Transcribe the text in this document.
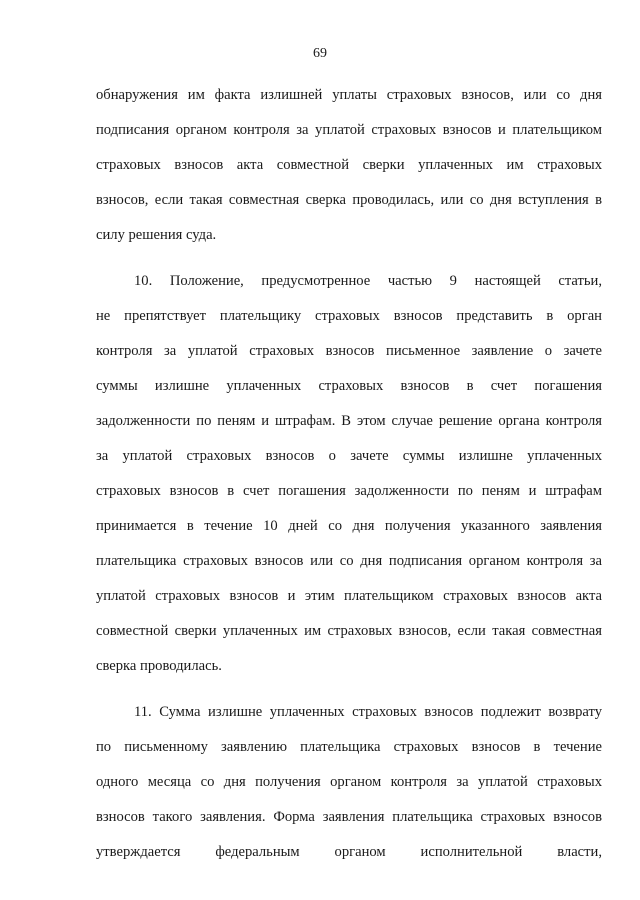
69
обнаружения им факта излишней уплаты страховых взносов, или со дня
подписания органом контроля за уплатой страховых взносов и плательщиком
страховых взносов акта совместной сверки уплаченных им страховых
взносов, если такая совместная сверка проводилась, или со дня вступления в
силу решения суда.
10. Положение, предусмотренное частью 9 настоящей статьи,
не препятствует плательщику страховых взносов представить в орган
контроля за уплатой страховых взносов письменное заявление о зачете
суммы излишне уплаченных страховых взносов в счет погашения
задолженности по пеням и штрафам. В этом случае решение органа контроля
за уплатой страховых взносов о зачете суммы излишне уплаченных
страховых взносов в счет погашения задолженности по пеням и штрафам
принимается в течение 10 дней со дня получения указанного заявления
плательщика страховых взносов или со дня подписания органом контроля за
уплатой страховых взносов и этим плательщиком страховых взносов акта
совместной сверки уплаченных им страховых взносов, если такая совместная
сверка проводилась.
11. Сумма излишне уплаченных страховых взносов подлежит возврату
по письменному заявлению плательщика страховых взносов в течение
одного месяца со дня получения органом контроля за уплатой страховых
взносов такого заявления. Форма заявления плательщика страховых взносов
утверждается федеральным органом исполнительной власти,
